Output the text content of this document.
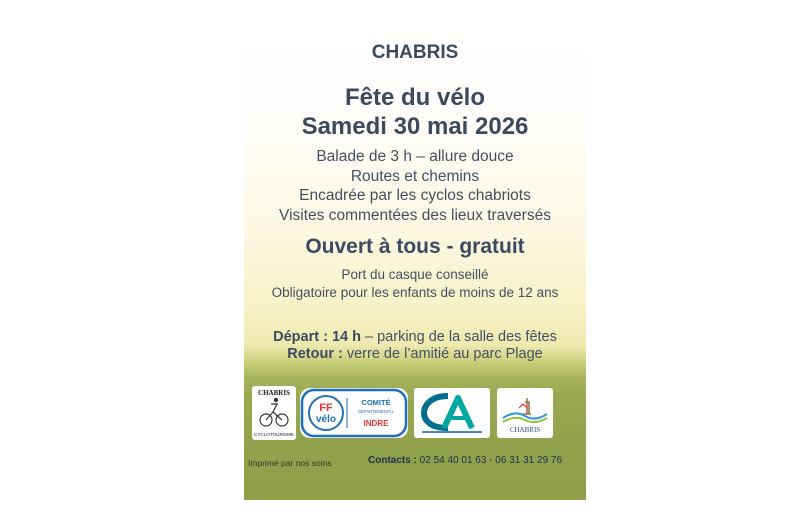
CHABRIS
Fête du vélo
Samedi 30 mai 2026
Balade de 3 h – allure douce
Routes et chemins
Encadrée par les cyclos chabriots
Visites commentées des lieux traversés
Ouvert à tous - gratuit
Port du casque conseillé
Obligatoire pour les enfants de moins de 12 ans
Départ : 14 h – parking de la salle des fêtes
Retour : verre de l’amitié au parc Plage
CHABRIS
CYCLOTOURISME
FF
vélo
COMITÉ
DÉPARTEMENTAL
INDRE
CHABRIS
Imprimé par nos soins	Contacts : 02 54 40 01 63 - 06 31 31 29 76
